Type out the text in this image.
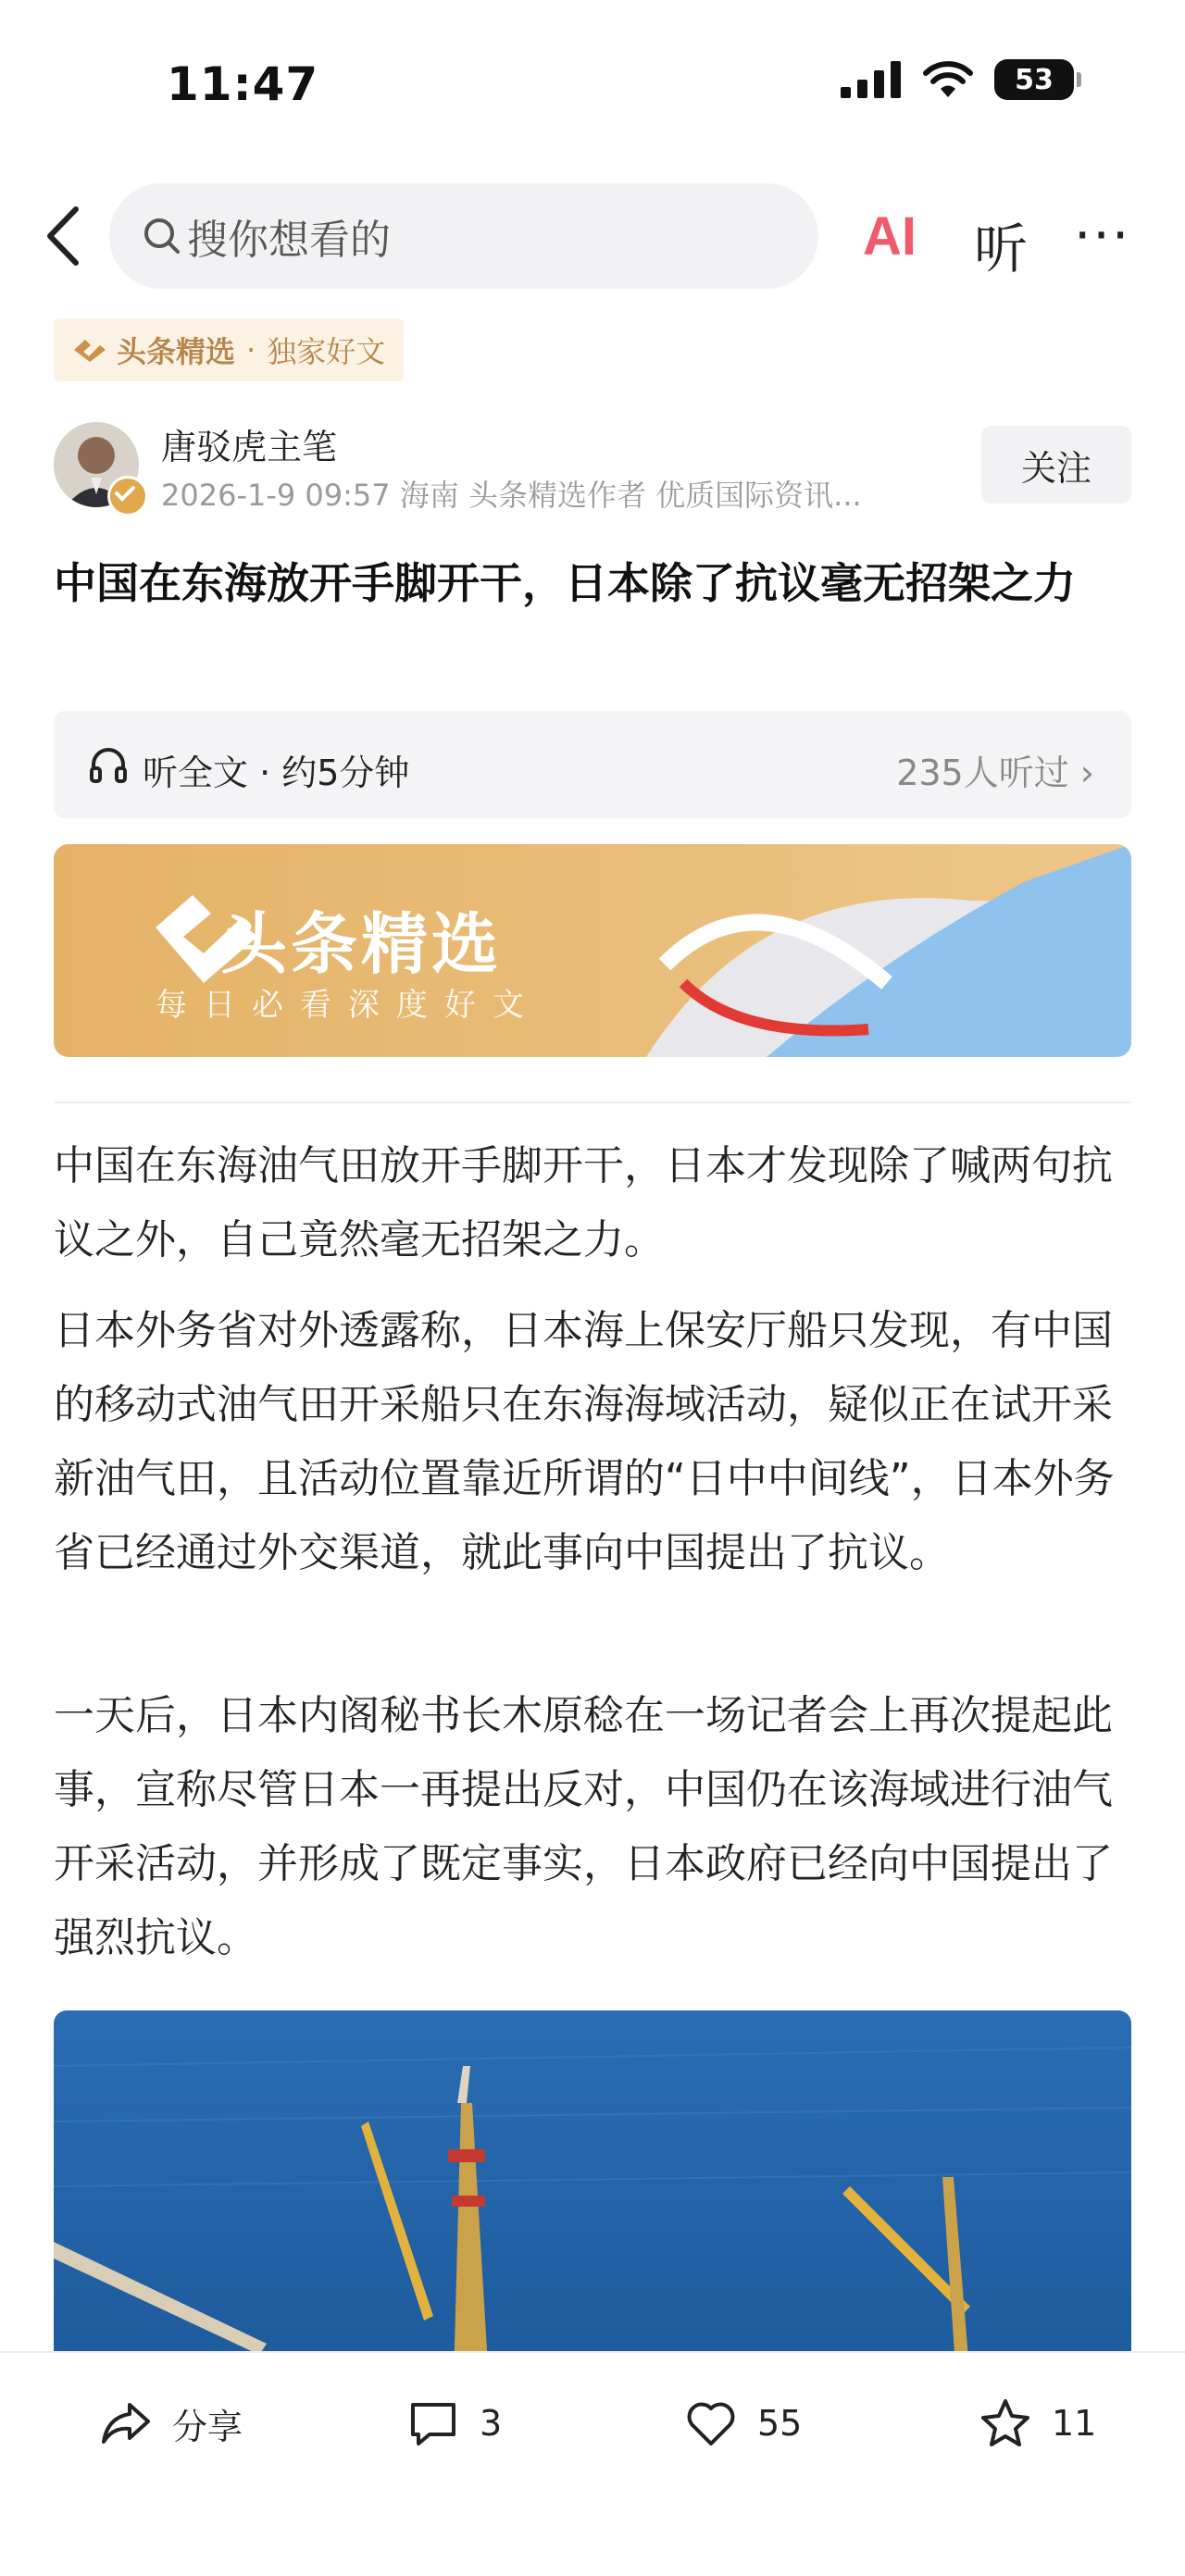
11:47	53
搜你想看的	AI 听 ···
头条精选 · 独家好文
唐驳虎主笔
2026-1-9 09:57 海南 头条精选作者 优质国际资讯...
关注
中国在东海放开手脚开干，日本除了抗议毫无招架之力
听全文 · 约5分钟	235人听过 ›
头条精选
每日必看深度好文
中国在东海油气田放开手脚开干，日本才发现除了喊两句抗议之外，自己竟然毫无招架之力。
日本外务省对外透露称，日本海上保安厅船只发现，有中国的移动式油气田开采船只在东海海域活动，疑似正在试开采新油气田，且活动位置靠近所谓的“日中中间线”，日本外务省已经通过外交渠道，就此事向中国提出了抗议。
一天后，日本内阁秘书长木原稔在一场记者会上再次提起此事，宣称尽管日本一再提出反对，中国仍在该海域进行油气开采活动，并形成了既定事实，日本政府已经向中国提出了强烈抗议。
分享	3	55	11
